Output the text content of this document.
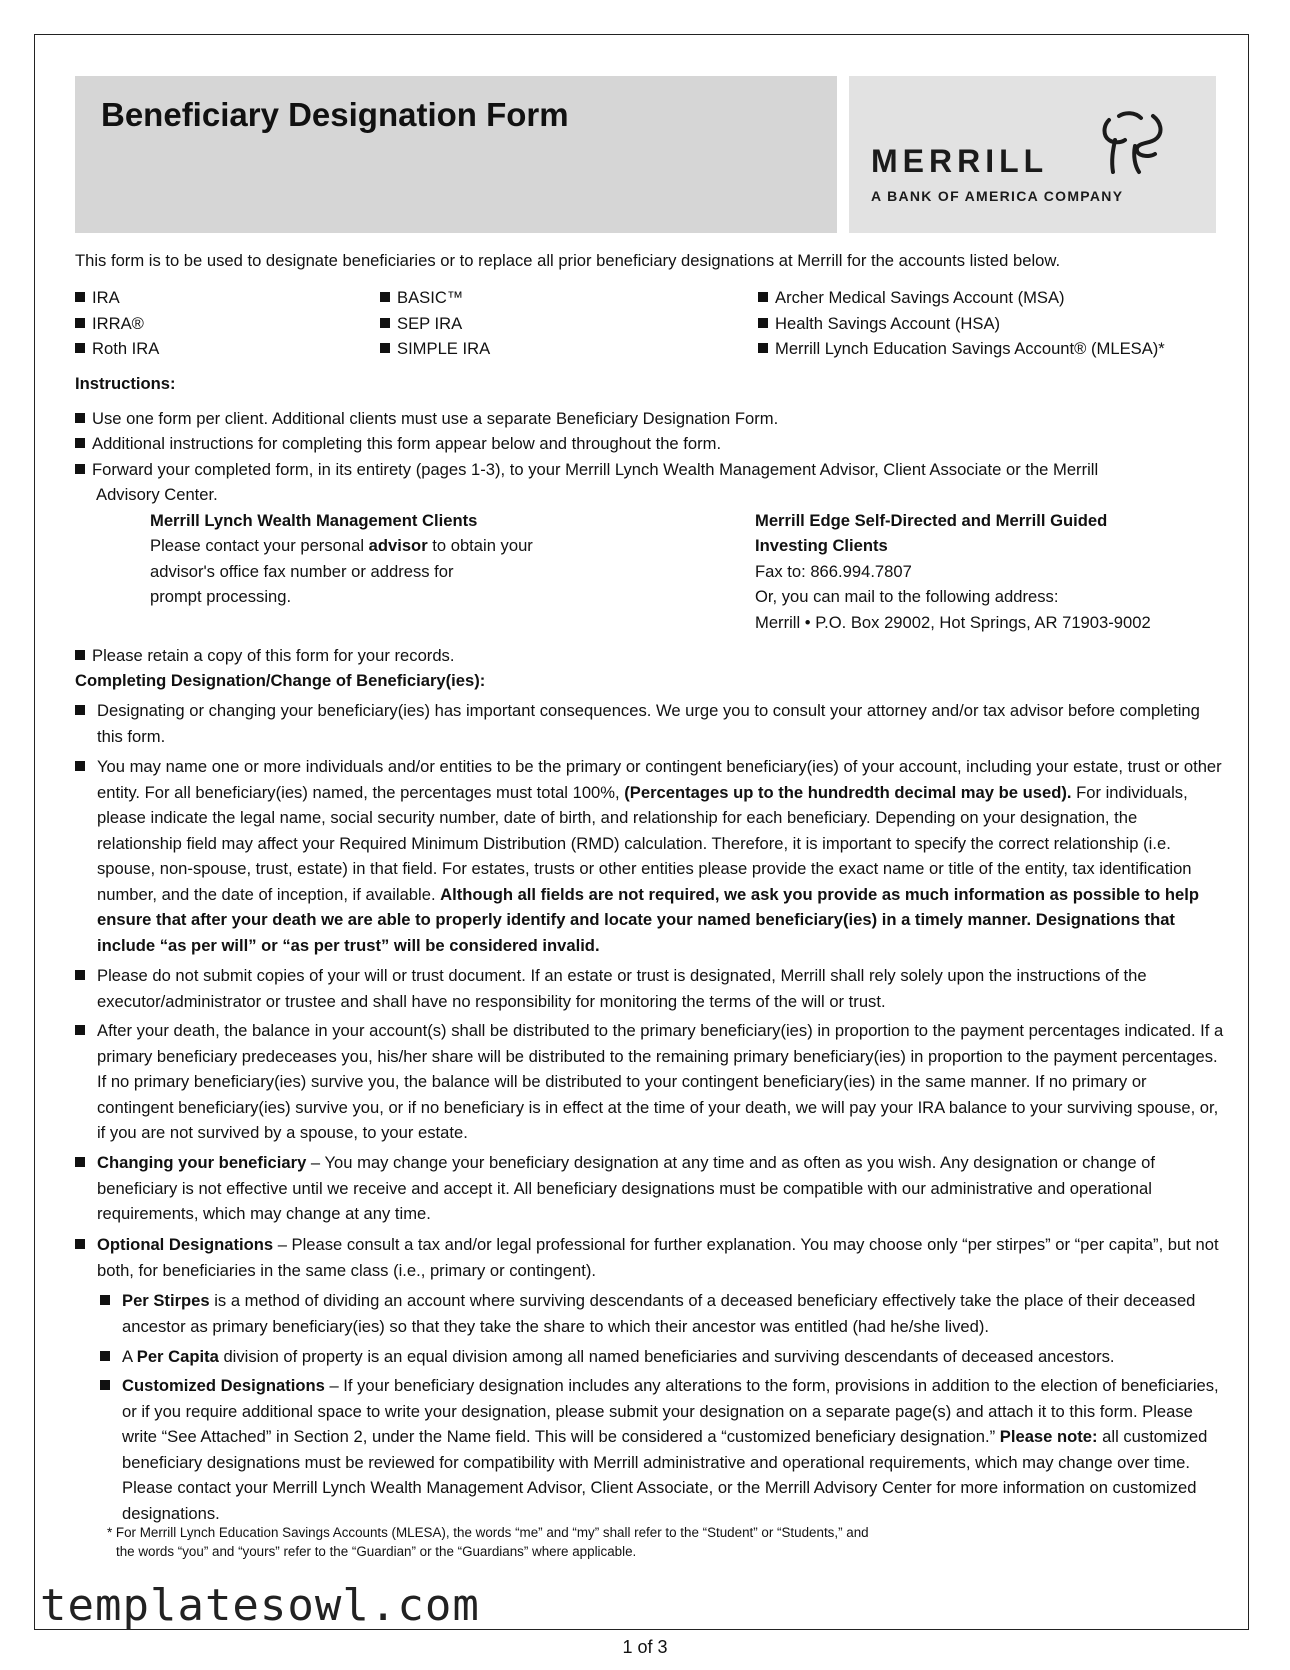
Beneficiary Designation Form
MERRILL
A BANK OF AMERICA COMPANY
This form is to be used to designate beneficiaries or to replace all prior beneficiary designations at Merrill for the accounts listed below.
IRA
IRRA®
Roth IRA
BASIC™
SEP IRA
SIMPLE IRA
Archer Medical Savings Account (MSA)
Health Savings Account (HSA)
Merrill Lynch Education Savings Account® (MLESA)*
Instructions:
Use one form per client. Additional clients must use a separate Beneficiary Designation Form.
Additional instructions for completing this form appear below and throughout the form.
Forward your completed form, in its entirety (pages 1-3), to your Merrill Lynch Wealth Management Advisor, Client Associate or the Merrill
Advisory Center.
Merrill Lynch Wealth Management Clients
Please contact your personal advisor to obtain your
advisor's office fax number or address for
prompt processing.
Merrill Edge Self-Directed and Merrill Guided
Investing Clients
Fax to: 866.994.7807
Or, you can mail to the following address:
Merrill • P.O. Box 29002, Hot Springs, AR 71903-9002
Please retain a copy of this form for your records.
Completing Designation/Change of Beneficiary(ies):

Designating or changing your beneficiary(ies) has important consequences. We urge you to consult your attorney and/or tax advisor before completing this form.

You may name one or more individuals and/or entities to be the primary or contingent beneficiary(ies) of your account, including your estate, trust or other entity. For all beneficiary(ies) named, the percentages must total 100%, (Percentages up to the hundredth decimal may be used). For individuals, please indicate the legal name, social security number, date of birth, and relationship for each beneficiary. Depending on your designation, the relationship field may affect your Required Minimum Distribution (RMD) calculation. Therefore, it is important to specify the correct relationship (i.e. spouse, non-spouse, trust, estate) in that field. For estates, trusts or other entities please provide the exact name or title of the entity, tax identification number, and the date of inception, if available. Although all fields are not required, we ask you provide as much information as possible to help ensure that after your death we are able to properly identify and locate your named beneficiary(ies) in a timely manner. Designations that include “as per will” or “as per trust” will be considered invalid.

Please do not submit copies of your will or trust document. If an estate or trust is designated, Merrill shall rely solely upon the instructions of the executor/administrator or trustee and shall have no responsibility for monitoring the terms of the will or trust.

After your death, the balance in your account(s) shall be distributed to the primary beneficiary(ies) in proportion to the payment percentages indicated. If a primary beneficiary predeceases you, his/her share will be distributed to the remaining primary beneficiary(ies) in proportion to the payment percentages. If no primary beneficiary(ies) survive you, the balance will be distributed to your contingent beneficiary(ies) in the same manner. If no primary or contingent beneficiary(ies) survive you, or if no beneficiary is in effect at the time of your death, we will pay your IRA balance to your surviving spouse, or, if you are not survived by a spouse, to your estate.

Changing your beneficiary – You may change your beneficiary designation at any time and as often as you wish. Any designation or change of beneficiary is not effective until we receive and accept it. All beneficiary designations must be compatible with our administrative and operational requirements, which may change at any time.

Optional Designations – Please consult a tax and/or legal professional for further explanation. You may choose only “per stirpes” or “per capita”, but not both, for beneficiaries in the same class (i.e., primary or contingent).

Per Stirpes is a method of dividing an account where surviving descendants of a deceased beneficiary effectively take the place of their deceased ancestor as primary beneficiary(ies) so that they take the share to which their ancestor was entitled (had he/she lived).

A Per Capita division of property is an equal division among all named beneficiaries and surviving descendants of deceased ancestors.

Customized Designations – If your beneficiary designation includes any alterations to the form, provisions in addition to the election of beneficiaries, or if you require additional space to write your designation, please submit your designation on a separate page(s) and attach it to this form. Please write “See Attached” in Section 2, under the Name field. This will be considered a “customized beneficiary designation.” Please note: all customized beneficiary designations must be reviewed for compatibility with Merrill administrative and operational requirements, which may change over time. Please contact your Merrill Lynch Wealth Management Advisor, Client Associate, or the Merrill Advisory Center for more information on customized designations.

* For Merrill Lynch Education Savings Accounts (MLESA), the words “me” and “my” shall refer to the “Student” or “Students,” and
the words “you” and “yours” refer to the “Guardian” or the “Guardians” where applicable.
templatesowl.com
1 of 3
